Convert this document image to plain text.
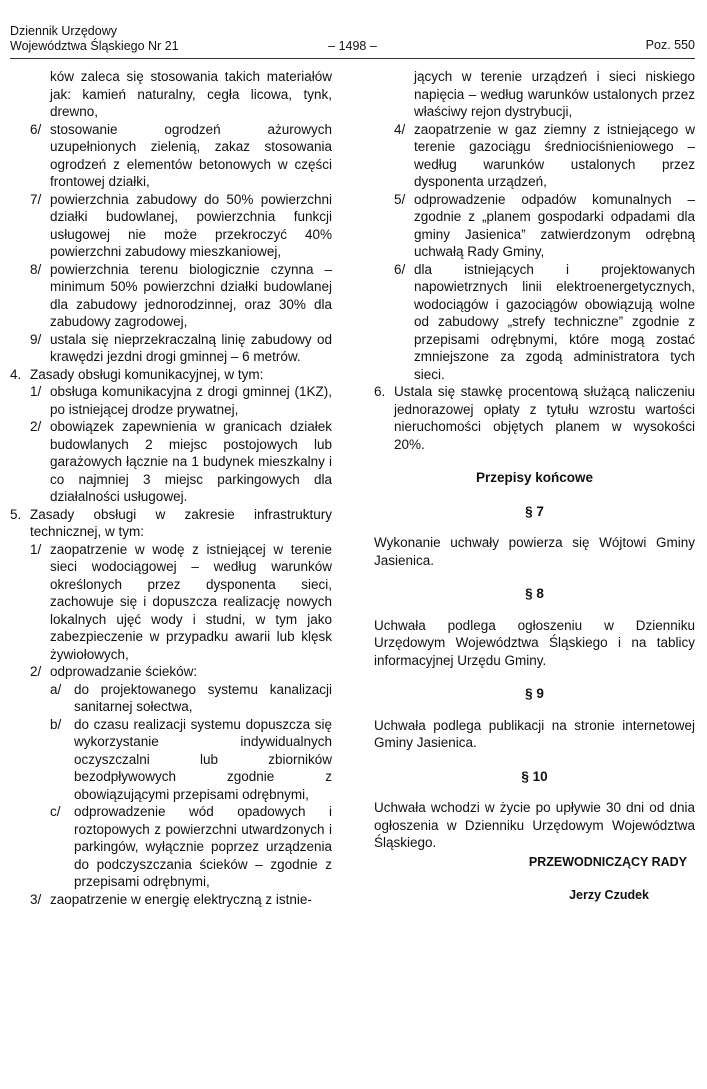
Dziennik Urzędowy
Województwa Śląskiego Nr 21	– 1498 –	Poz. 550
ków zaleca się stosowania takich materiałów jak: kamień naturalny, cegła licowa, tynk, drewno,
6/ stosowanie ogrodzeń ażurowych uzupełnionych zielenią, zakaz stosowania ogrodzeń z elementów betonowych w części frontowej działki,
7/ powierzchnia zabudowy do 50% powierzchni działki budowlanej, powierzchnia funkcji usługowej nie może przekroczyć 40% powierzchni zabudowy mieszkaniowej,
8/ powierzchnia terenu biologicznie czynna – minimum 50% powierzchni działki budowlanej dla zabudowy jednorodzinnej, oraz 30% dla zabudowy zagrodowej,
9/ ustala się nieprzekraczalną linię zabudowy od krawędzi jezdni drogi gminnej – 6 metrów.
4. Zasady obsługi komunikacyjnej, w tym:
1/ obsługa komunikacyjna z drogi gminnej (1KZ), po istniejącej drodze prywatnej,
2/ obowiązek zapewnienia w granicach działek budowlanych 2 miejsc postojowych lub garażowych łącznie na 1 budynek mieszkalny i co najmniej 3 miejsc parkingowych dla działalności usługowej.
5. Zasady obsługi w zakresie infrastruktury technicznej, w tym:
1/ zaopatrzenie w wodę z istniejącej w terenie sieci wodociągowej – według warunków określonych przez dysponenta sieci, zachowuje się i dopuszcza realizację nowych lokalnych ujęć wody i studni, w tym jako zabezpieczenie w przypadku awarii lub klęsk żywiołowych,
2/ odprowadzanie ścieków:
a/ do projektowanego systemu kanalizacji sanitarnej sołectwa,
b/ do czasu realizacji systemu dopuszcza się wykorzystanie indywidualnych oczyszczalni lub zbiorników bezodpływowych zgodnie z obowiązującymi przepisami odrębnymi,
c/ odprowadzenie wód opadowych i roztopowych z powierzchni utwardzonych i parkingów, wyłącznie poprzez urządzenia do podczyszczania ścieków – zgodnie z przepisami odrębnymi,
3/ zaopatrzenie w energię elektryczną z istnie-
jących w terenie urządzeń i sieci niskiego napięcia – według warunków ustalonych przez właściwy rejon dystrybucji,
4/ zaopatrzenie w gaz ziemny z istniejącego w terenie gazociągu średniociśnieniowego – według warunków ustalonych przez dysponenta urządzeń,
5/ odprowadzenie odpadów komunalnych – zgodnie z „planem gospodarki odpadami dla gminy Jasienica” zatwierdzonym odrębną uchwałą Rady Gminy,
6/ dla istniejących i projektowanych napowietrznych linii elektroenergetycznych, wodociągów i gazociągów obowiązują wolne od zabudowy „strefy techniczne” zgodnie z przepisami odrębnymi, które mogą zostać zmniejszone za zgodą administratora tych sieci.
6. Ustala się stawkę procentową służącą naliczeniu jednorazowej opłaty z tytułu wzrostu wartości nieruchomości objętych planem w wysokości 20%.
Przepisy końcowe
§ 7
Wykonanie uchwały powierza się Wójtowi Gminy Jasienica.
§ 8
Uchwała podlega ogłoszeniu w Dzienniku Urzędowym Województwa Śląskiego i na tablicy informacyjnej Urzędu Gminy.
§ 9
Uchwała podlega publikacji na stronie internetowej Gminy Jasienica.
§ 10
Uchwała wchodzi w życie po upływie 30 dni od dnia ogłoszenia w Dzienniku Urzędowym Województwa Śląskiego.
PRZEWODNICZĄCY RADY
Jerzy Czudek
